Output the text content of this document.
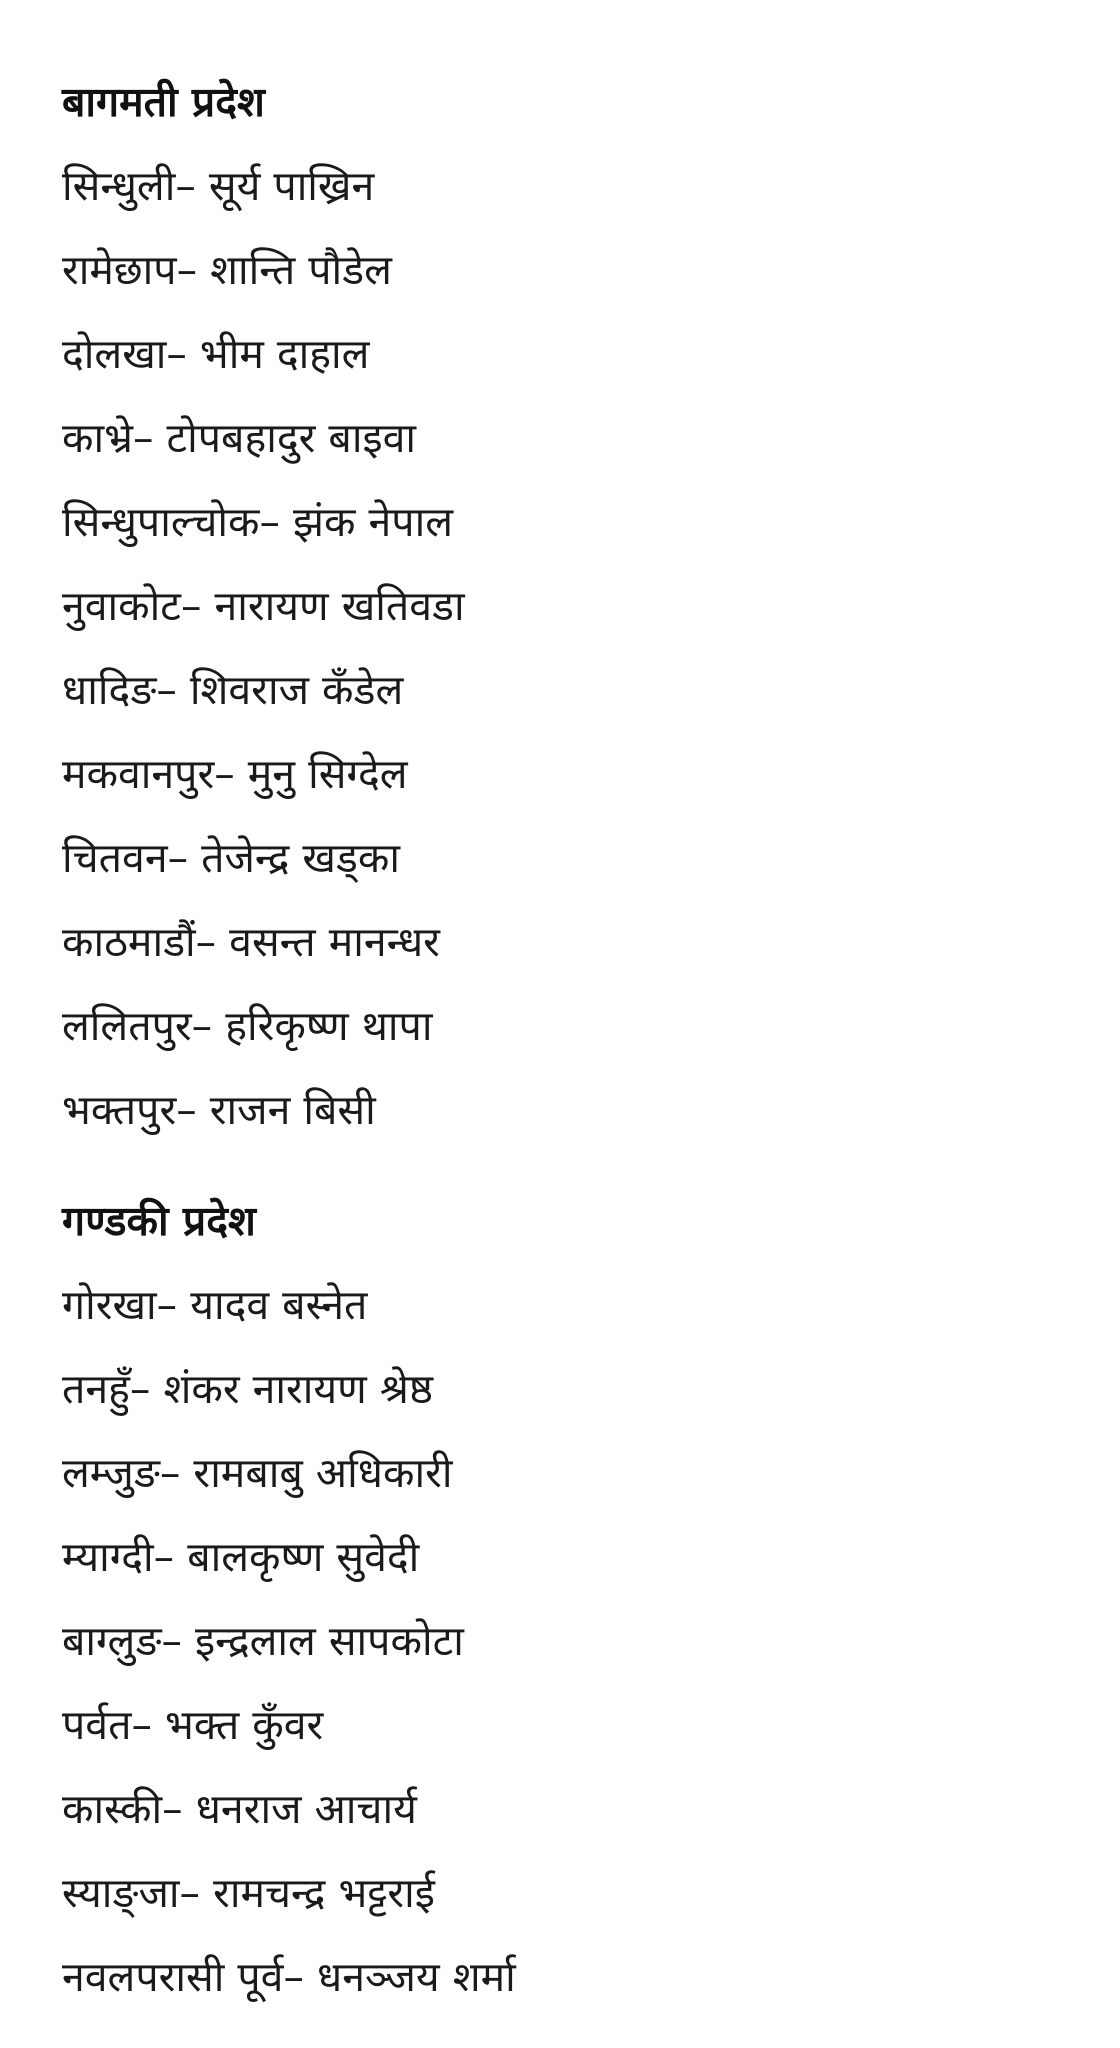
बागमती प्रदेश
सिन्धुली– सूर्य पाख्रिन
रामेछाप– शान्ति पौडेल
दोलखा– भीम दाहाल
काभ्रे– टोपबहादुर बाइवा
सिन्धुपाल्चोक– झंक नेपाल
नुवाकोट– नारायण खतिवडा
धादिङ– शिवराज कँडेल
मकवानपुर– मुनु सिग्देल
चितवन– तेजेन्द्र खड्का
काठमाडौं– वसन्त मानन्धर
ललितपुर– हरिकृष्ण थापा
भक्तपुर– राजन बिसी
गण्डकी प्रदेश
गोरखा– यादव बस्नेत
तनहुँ– शंकर नारायण श्रेष्ठ
लम्जुङ– रामबाबु अधिकारी
म्याग्दी– बालकृष्ण सुवेदी
बाग्लुङ– इन्द्रलाल सापकोटा
पर्वत– भक्त कुँवर
कास्की– धनराज आचार्य
स्याङ्जा– रामचन्द्र भट्टराई
नवलपरासी पूर्व– धनञ्जय शर्मा
